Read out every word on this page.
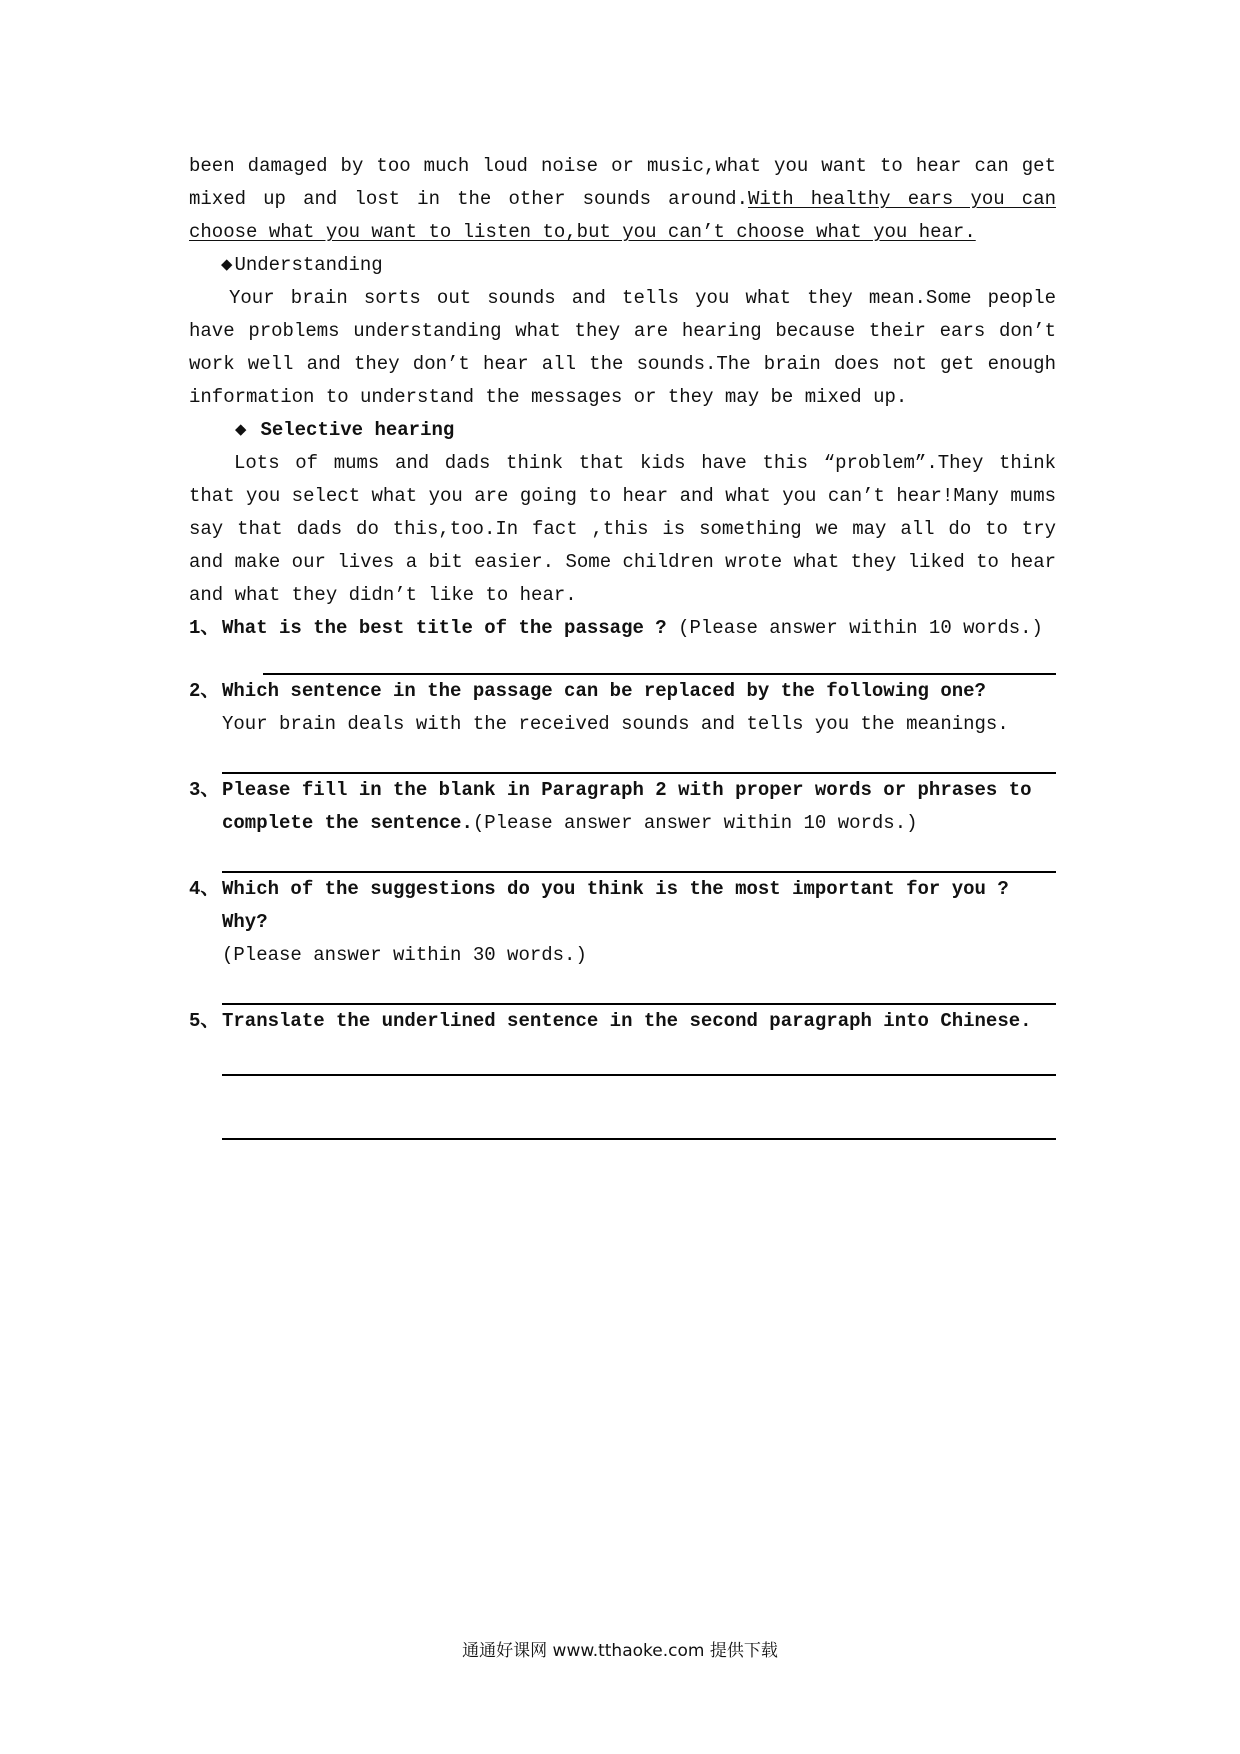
been damaged by too much loud noise or music,what you want to hear can get mixed up and lost in the other sounds around.With healthy ears you can choose what you want to listen to,but you can’t choose what you hear.

◆ Understanding

Your brain sorts out sounds and tells you what they mean.Some people have problems understanding what they are hearing because their ears don’t work well and they don’t hear all the sounds.The brain does not get enough information to understand the messages or they may be mixed up.

◆ Selective hearing

Lots of mums and dads think that kids have this “problem”.They think that you select what you are going to hear and what you can’t hear!Many mums say that dads do this,too.In fact ,this is something we may all do to try and make our lives a bit easier. Some children wrote what they liked to hear and what they didn’t like to hear.

1、 What is the best title of the passage ? (Please answer within 10 words.)
2、 Which sentence in the passage can be replaced by the following one?

Your brain deals with the received sounds and tells you the meanings.

3、 Please fill in the blank in Paragraph 2 with proper words or phrases to complete the sentence.(Please answer answer within 10 words.)
4、 Which of the suggestions do you think is the most important for you ? Why?

(Please answer within 30 words.)

5、 Translate the underlined sentence in the second paragraph into Chinese.
通通好课网 www.tthaoke.com 提供下载
